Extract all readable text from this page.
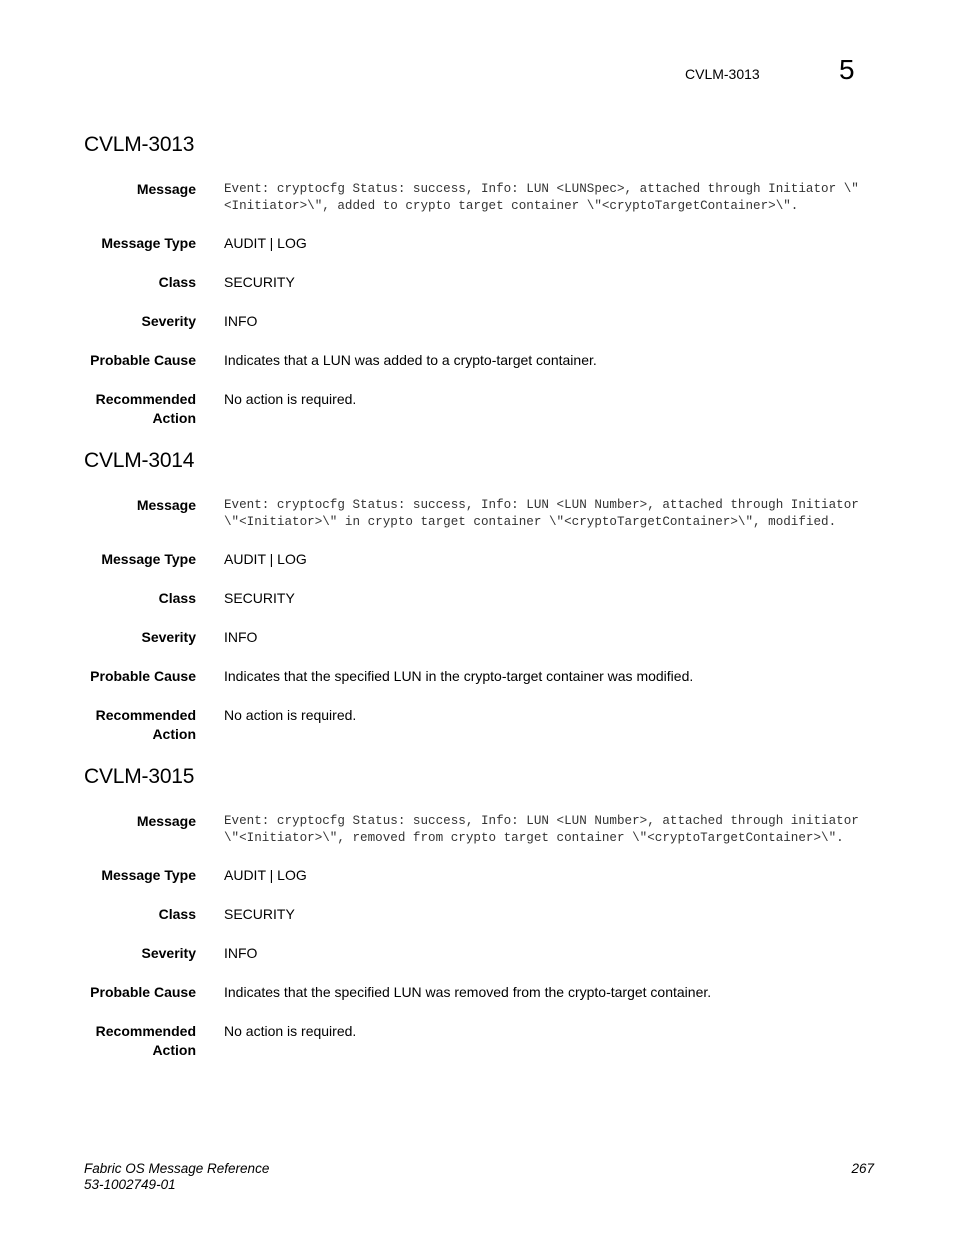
CVLM-3013	5
CVLM-3013
Message Event: cryptocfg Status: success, Info: LUN <LUNSpec>, attached through Initiator \"<Initiator>\", added to crypto target container \"<cryptoTargetContainer>\".
Message Type AUDIT | LOG
Class SECURITY
Severity INFO
Probable Cause Indicates that a LUN was added to a crypto-target container.
Recommended Action
No action is required.
CVLM-3014
Message Event: cryptocfg Status: success, Info: LUN <LUN Number>, attached through Initiator \"<Initiator>\" in crypto target container \"<cryptoTargetContainer>\", modified.
Message Type AUDIT | LOG
Class SECURITY
Severity INFO
Probable Cause Indicates that the specified LUN in the crypto-target container was modified.
Recommended Action
No action is required.
CVLM-3015
Message Event: cryptocfg Status: success, Info: LUN <LUN Number>, attached through initiator \"<Initiator>\", removed from crypto target container \"<cryptoTargetContainer>\".
Message Type AUDIT | LOG
Class SECURITY
Severity INFO
Probable Cause Indicates that the specified LUN was removed from the crypto-target container.
Recommended Action
No action is required.
Fabric OS Message Reference
53-1002749-01
267
